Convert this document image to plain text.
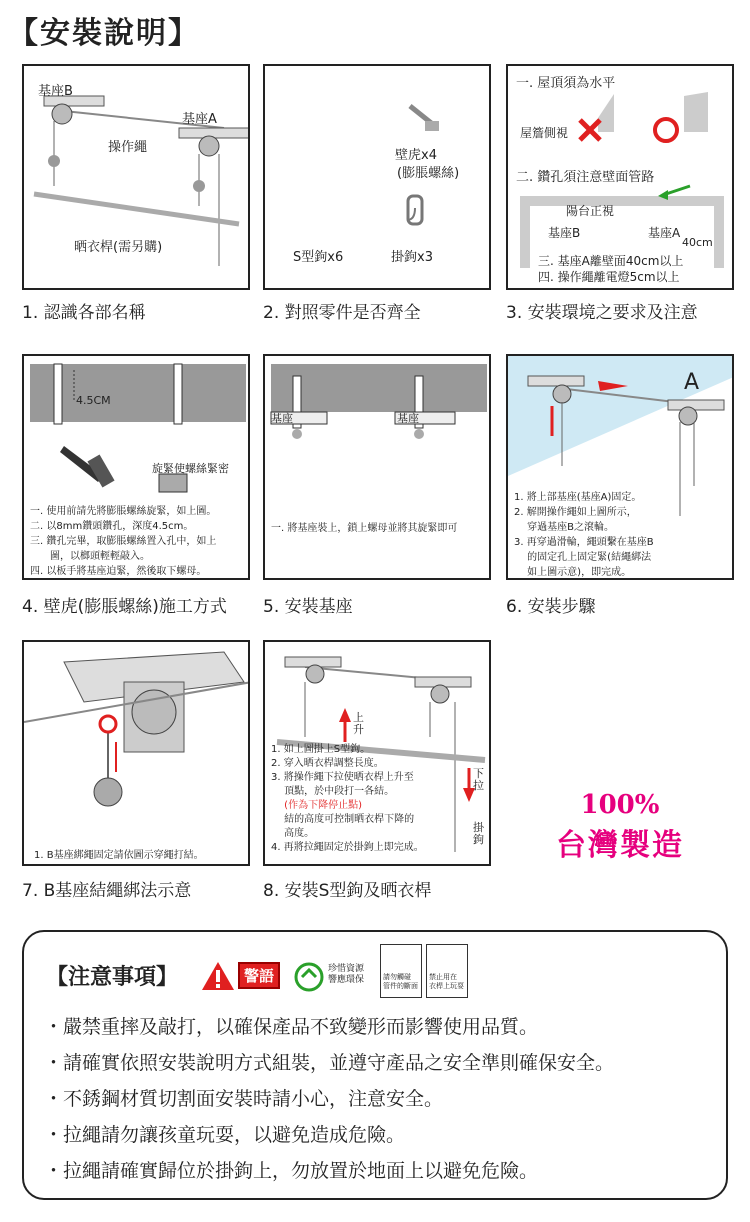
【安裝說明】
基座B
基座A
操作繩
晒衣桿(需另購)
1. 認識各部名稱
壁虎x4
(膨脹螺絲)
S型鉤x6	掛鉤x3
2. 對照零件是否齊全
一. 屋頂須為水平
屋簷側視
二. 鑽孔須注意壁面管路
陽台正視
基座B	基座A
40cm
三. 基座A離壁面40cm以上
四. 操作繩離電燈5cm以上
3. 安裝環境之要求及注意
4.5CM
旋緊使螺絲緊密
一. 使用前請先將膨脹螺絲旋緊，如上圖。
二. 以8mm鑽頭鑽孔，深度4.5cm。
三. 鑽孔完畢，取膨脹螺絲置入孔中，如上
　　圖，以榔頭輕輕敲入。
四. 以板手將基座迫緊，然後取下螺母。
4. 壁虎(膨脹螺絲)施工方式
基座	基座
一. 將基座裝上，鎖上螺母並將其旋緊即可
5. 安裝基座
A
1. 將上部基座(基座A)固定。
2. 解開操作繩如上圖所示，
　 穿過基座B之滾輪。
3. 再穿過滑輪，繩頭繫在基座B
　 的固定孔上固定緊(結繩綁法
　 如上圖示意)，即完成。
6. 安裝步驟
1. B基座綁繩固定請依圖示穿繩打結。
7. B基座結繩綁法示意
上升
下拉
掛鉤
1. 如上圖掛上S型鉤。
2. 穿入晒衣桿調整長度。
3. 將操作繩下拉使晒衣桿上升至
　 頂點，於中段打一各結。
　 (作為下降停止點)
　 結的高度可控制晒衣桿下降的
　 高度。
4. 再將拉繩固定於掛鉤上即完成。
8. 安裝S型鉤及晒衣桿
100%
台灣製造
【注意事項】	警語	珍惜資源 響應環保	請勿觸碰 管件的斷面
禁止用在 衣桿上玩耍
・嚴禁重摔及敲打，以確保產品不致變形而影響使用品質。
・請確實依照安裝說明方式組裝，並遵守產品之安全準則確保安全。
・不銹鋼材質切割面安裝時請小心，注意安全。
・拉繩請勿讓孩童玩耍，以避免造成危險。
・拉繩請確實歸位於掛鉤上，勿放置於地面上以避免危險。
